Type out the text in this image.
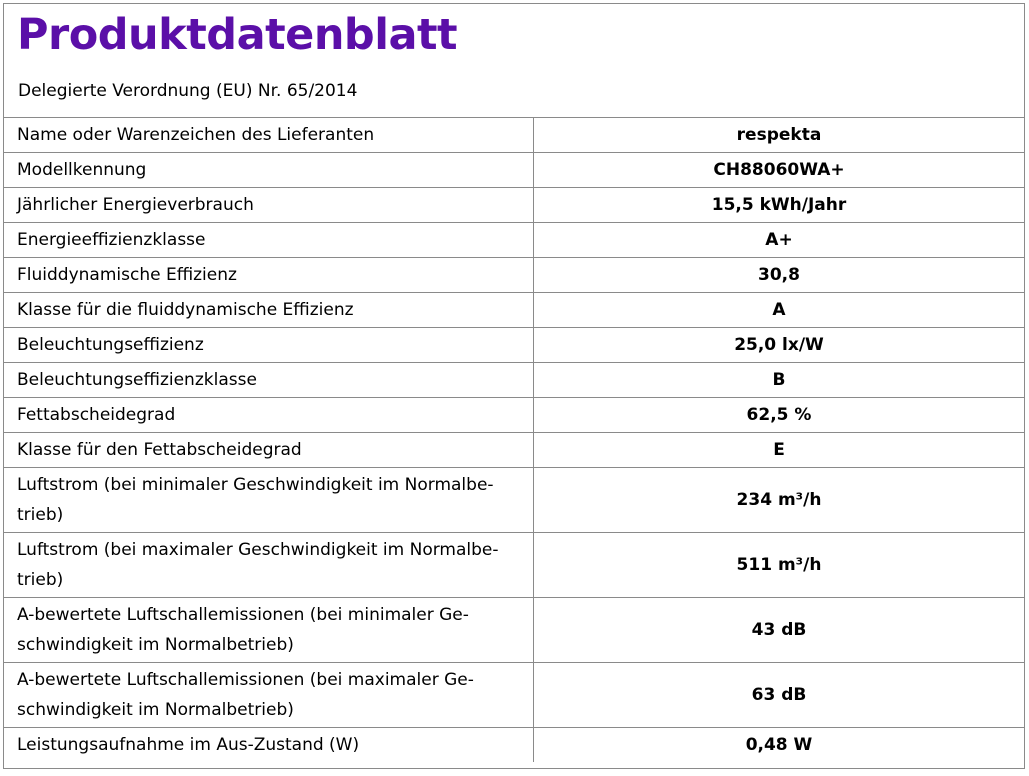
Produktdatenblatt
Delegierte Verordnung (EU) Nr. 65/2014
Name oder Warenzeichen des Lieferanten	respekta
Modellkennung	CH88060WA+
Jährlicher Energieverbrauch	15,5 kWh/Jahr
Energieeffizienzklasse	A+
Fluiddynamische Effizienz	30,8
Klasse für die fluiddynamische Effizienz	A
Beleuchtungseffizienz	25,0 lx/W
Beleuchtungseffizienzklasse	B
Fettabscheidegrad	62,5 %
Klasse für den Fettabscheidegrad	E
Luftstrom (bei minimaler Geschwindigkeit im Normalbe-
trieb)	234 m³/h
Luftstrom (bei maximaler Geschwindigkeit im Normalbe-
trieb)	511 m³/h
A-bewertete Luftschallemissionen (bei minimaler Ge-
schwindigkeit im Normalbetrieb)	43 dB
A-bewertete Luftschallemissionen (bei maximaler Ge-
schwindigkeit im Normalbetrieb)	63 dB
Leistungsaufnahme im Aus-Zustand (W)	0,48 W
